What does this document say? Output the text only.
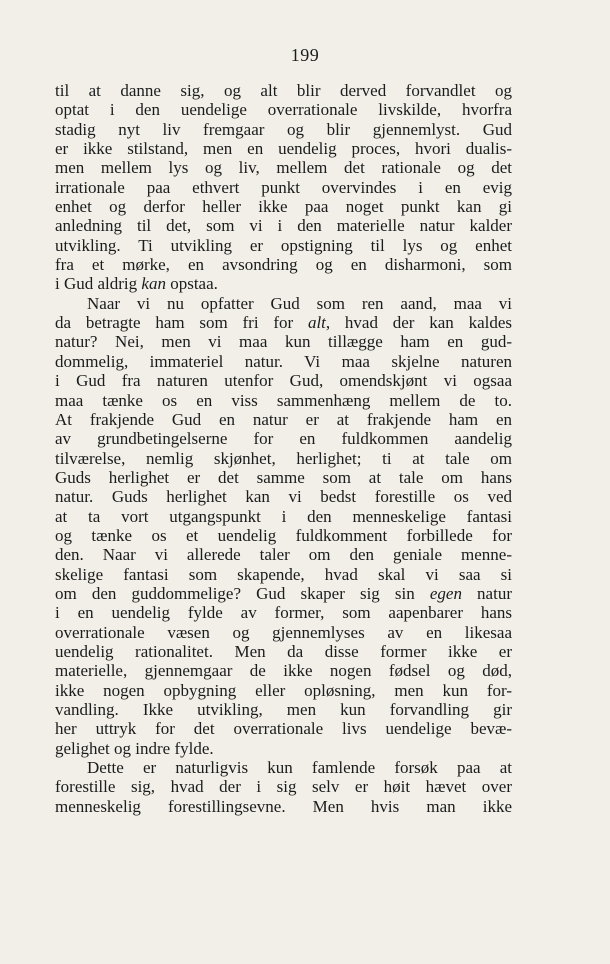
199
til at danne sig, og alt blir derved forvandlet og
optat i den uendelige overrationale livskilde, hvorfra
stadig nyt liv fremgaar og blir gjennemlyst. Gud
er ikke stilstand, men en uendelig proces, hvori dualis-
men mellem lys og liv, mellem det rationale og det
irrationale paa ethvert punkt overvindes i en evig
enhet og derfor heller ikke paa noget punkt kan gi
anledning til det, som vi i den materielle natur kalder
utvikling. Ti utvikling er opstigning til lys og enhet
fra et mørke, en avsondring og en disharmoni, som
i Gud aldrig kan opstaa.
Naar vi nu opfatter Gud som ren aand, maa vi
da betragte ham som fri for alt, hvad der kan kaldes
natur? Nei, men vi maa kun tillægge ham en gud-
dommelig, immateriel natur. Vi maa skjelne naturen
i Gud fra naturen utenfor Gud, omendskjønt vi ogsaa
maa tænke os en viss sammenhæng mellem de to.
At frakjende Gud en natur er at frakjende ham en
av grundbetingelserne for en fuldkommen aandelig
tilværelse, nemlig skjønhet, herlighet; ti at tale om
Guds herlighet er det samme som at tale om hans
natur. Guds herlighet kan vi bedst forestille os ved
at ta vort utgangspunkt i den menneskelige fantasi
og tænke os et uendelig fuldkomment forbillede for
den. Naar vi allerede taler om den geniale menne-
skelige fantasi som skapende, hvad skal vi saa si
om den guddommelige? Gud skaper sig sin egen natur
i en uendelig fylde av former, som aapenbarer hans
overrationale væsen og gjennemlyses av en likesaa
uendelig rationalitet. Men da disse former ikke er
materielle, gjennemgaar de ikke nogen fødsel og død,
ikke nogen opbygning eller opløsning, men kun for-
vandling. Ikke utvikling, men kun forvandling gir
her uttryk for det overrationale livs uendelige bevæ-
gelighet og indre fylde.
Dette er naturligvis kun famlende forsøk paa at
forestille sig, hvad der i sig selv er høit hævet over
menneskelig forestillingsevne. Men hvis man ikke
